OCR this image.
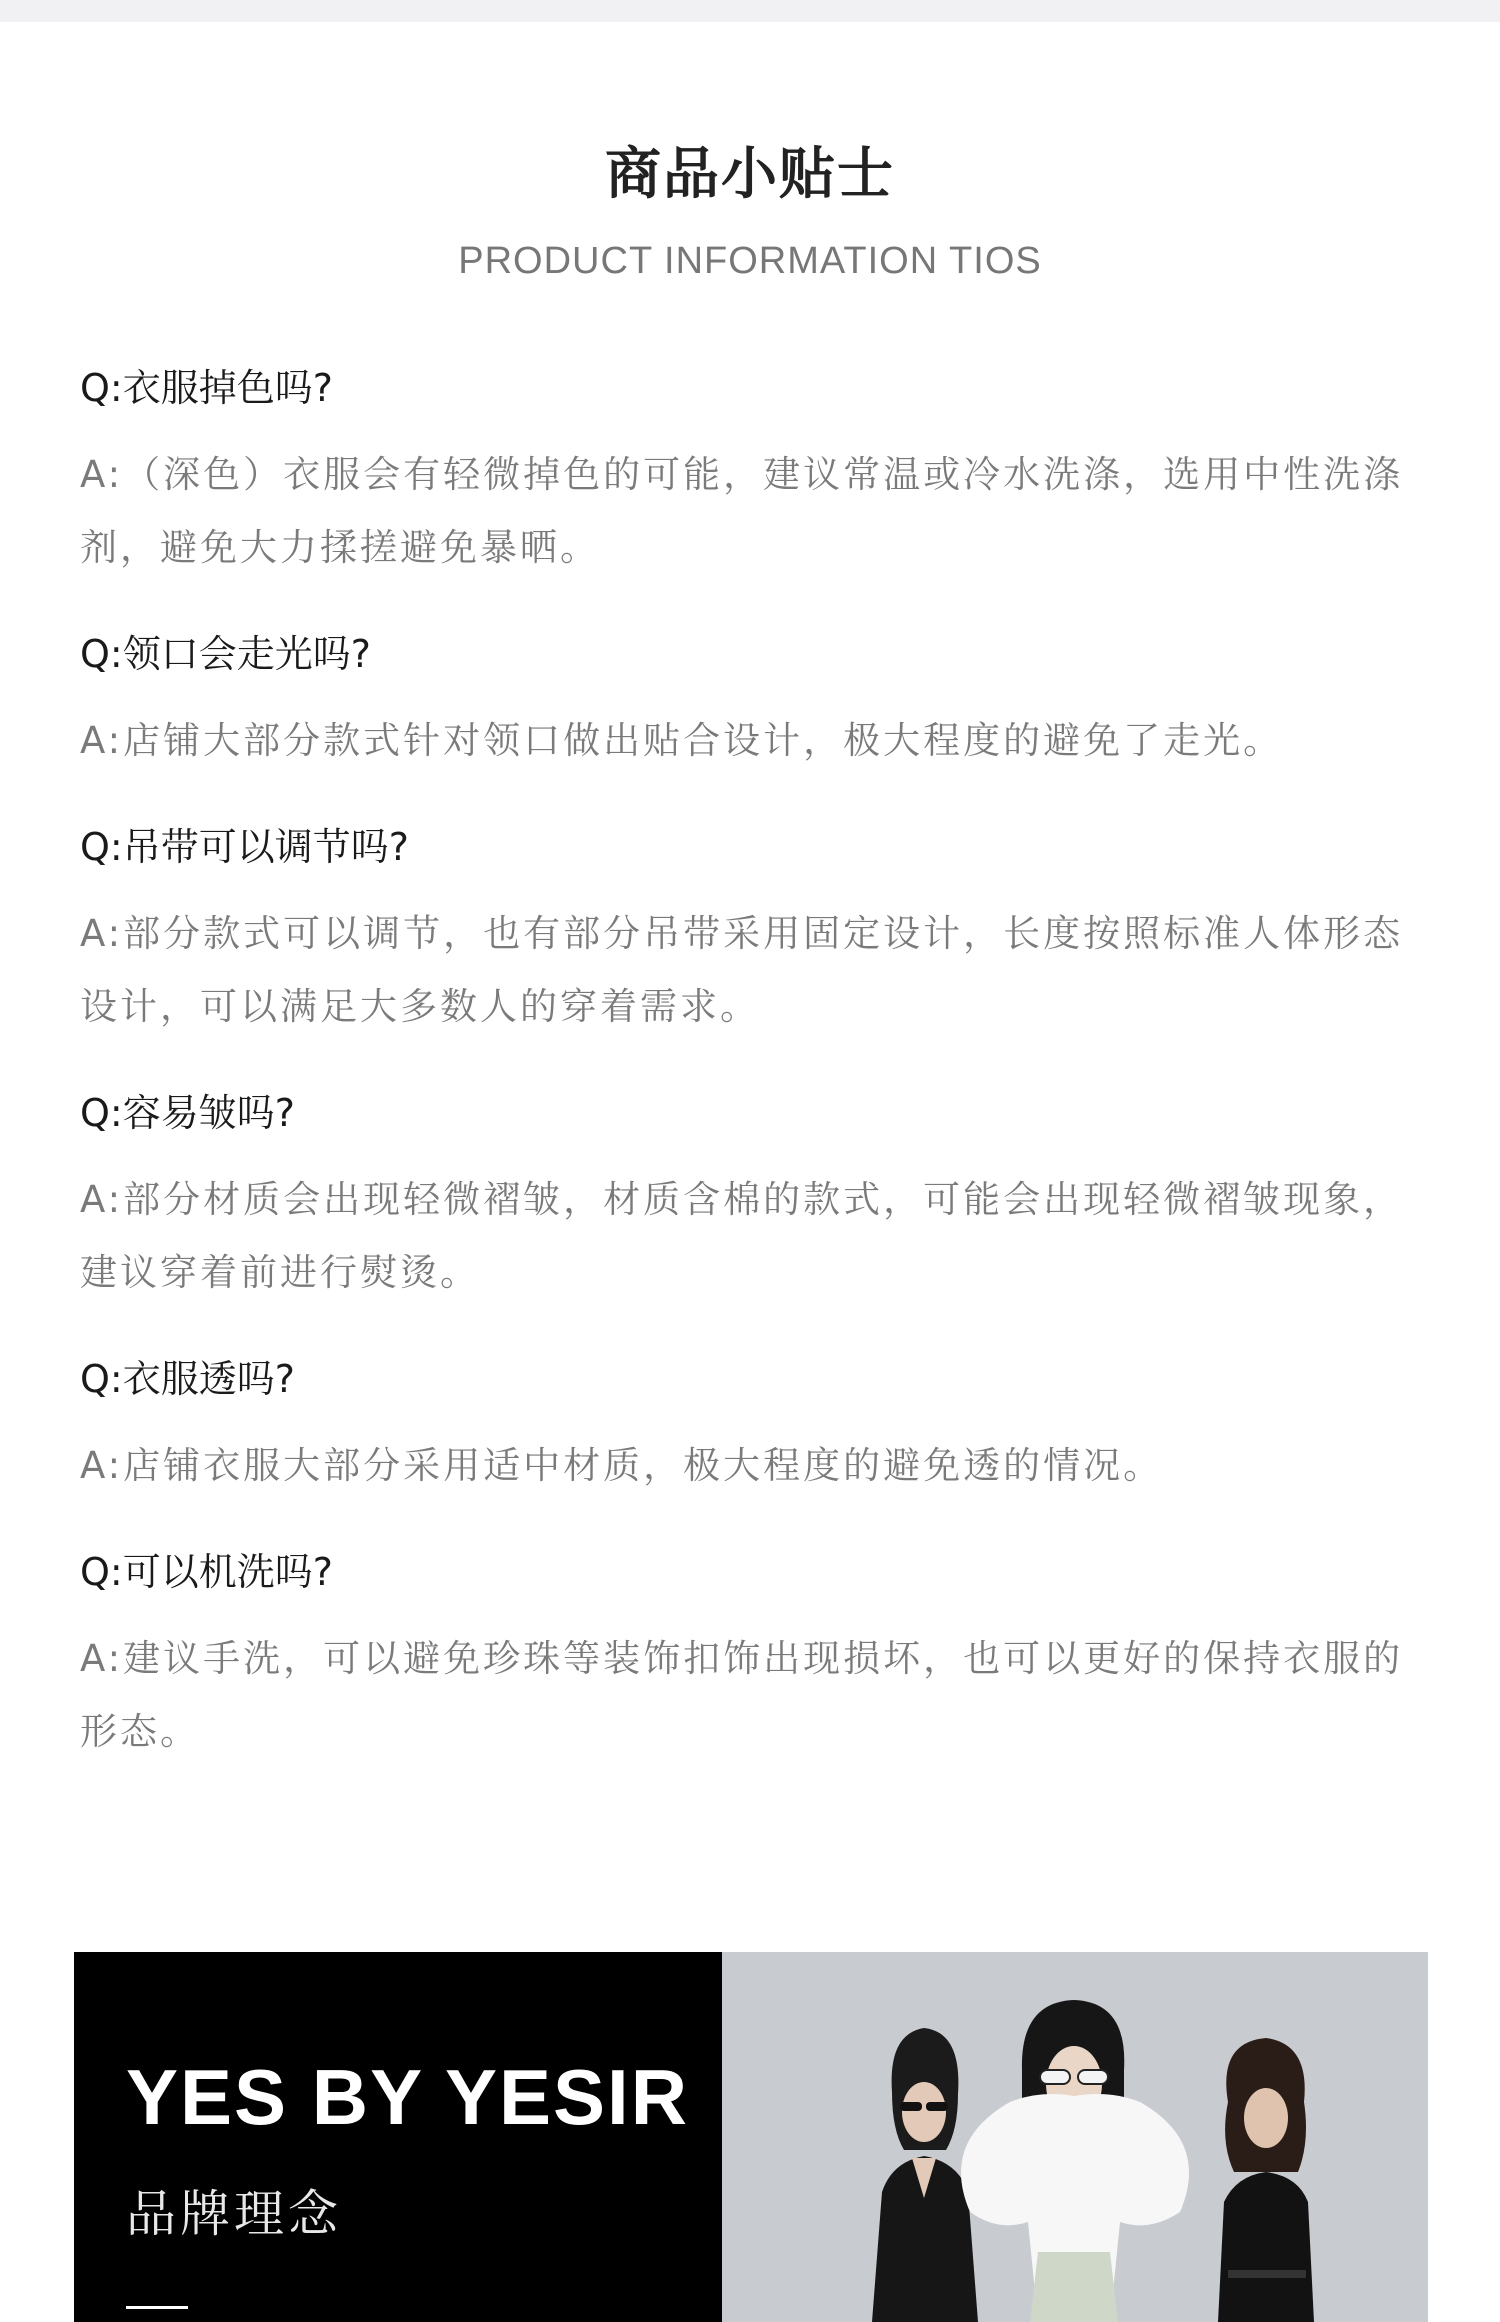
商品小贴士
PRODUCT INFORMATION TIOS

Q:衣服掉色吗?

A:（深色）衣服会有轻微掉色的可能，建议常温或冷水洗涤，选用中性洗涤剂，避免大力揉搓避免暴晒。

Q:领口会走光吗?

A:店铺大部分款式针对领口做出贴合设计，极大程度的避免了走光。

Q:吊带可以调节吗?

A:部分款式可以调节，也有部分吊带采用固定设计，长度按照标准人体形态设计，可以满足大多数人的穿着需求。

Q:容易皱吗?

A:部分材质会出现轻微褶皱，材质含棉的款式，可能会出现轻微褶皱现象，建议穿着前进行熨烫。

Q:衣服透吗?

A:店铺衣服大部分采用适中材质，极大程度的避免透的情况。

Q:可以机洗吗?

A:建议手洗，可以避免珍珠等装饰扣饰出现损坏，也可以更好的保持衣服的形态。

YES BY YESIR
品牌理念
